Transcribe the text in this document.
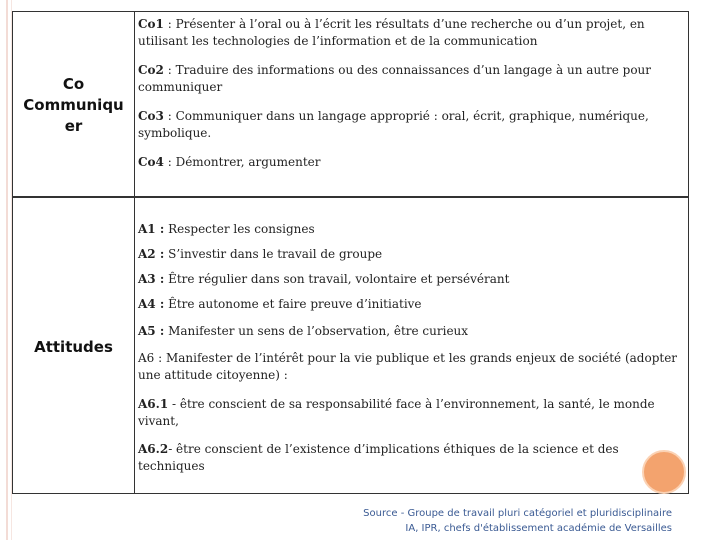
Co
Communiqu
er
Co1 : Présenter à l’oral ou à l’écrit les résultats d’une recherche ou d’un projet, en utilisant les technologies de l’information et de la communication
Co2 : Traduire des informations ou des connaissances d’un langage à un autre pour communiquer
Co3 : Communiquer dans un langage approprié : oral, écrit, graphique, numérique, symbolique.
Co4 : Démontrer, argumenter
Attitudes
A1 : Respecter les consignes
A2 : S’investir dans le travail de groupe
A3 : Être régulier dans son travail, volontaire et persévérant
A4 : Être autonome et faire preuve d’initiative
A5 : Manifester un sens de l’observation, être curieux
A6 : Manifester de l’intérêt pour la vie publique et les grands enjeux de société (adopter une attitude citoyenne) :
A6.1 - être conscient de sa responsabilité face à l’environnement, la santé, le monde vivant,
A6.2- être conscient de l’existence d’implications éthiques de la science et des techniques
Source - Groupe de travail pluri catégoriel et pluridisciplinaire
IA, IPR, chefs d'établissement académie de Versailles
